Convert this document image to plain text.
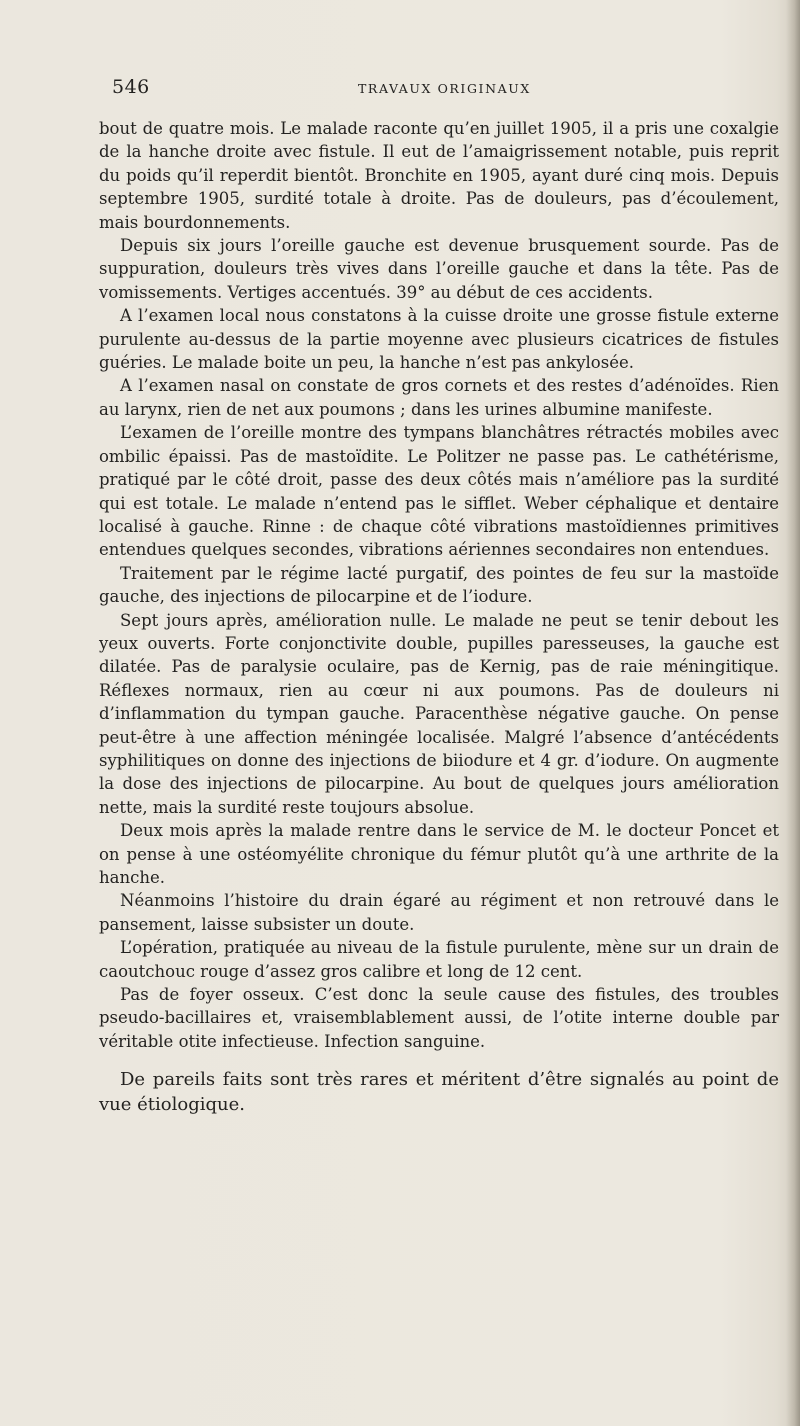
546	TRAVAUX ORIGINAUX

bout de quatre mois. Le malade raconte qu’en juillet 1905, il a pris une coxalgie de la hanche droite avec fistule. Il eut de l’amaigrissement notable, puis reprit du poids qu’il reperdit bientôt. Bronchite en 1905, ayant duré cinq mois. Depuis septembre 1905, surdité totale à droite. Pas de douleurs, pas d’écoulement, mais bourdonnements.

Depuis six jours l’oreille gauche est devenue brusquement sourde. Pas de suppuration, douleurs très vives dans l’oreille gauche et dans la tête. Pas de vomissements. Vertiges accentués. 39° au début de ces accidents.

A l’examen local nous constatons à la cuisse droite une grosse fistule externe purulente au-dessus de la partie moyenne avec plusieurs cicatrices de fistules guéries. Le malade boite un peu, la hanche n’est pas ankylosée.

A l’examen nasal on constate de gros cornets et des restes d’adénoïdes. Rien au larynx, rien de net aux poumons ; dans les urines albumine manifeste.

L’examen de l’oreille montre des tympans blanchâtres rétractés mobiles avec ombilic épaissi. Pas de mastoïdite. Le Politzer ne passe pas. Le cathétérisme, pratiqué par le côté droit, passe des deux côtés mais n’améliore pas la surdité qui est totale. Le malade n’entend pas le sifflet. Weber céphalique et dentaire localisé à gauche. Rinne : de chaque côté vibrations mastoïdiennes primitives entendues quelques secondes, vibrations aériennes secondaires non entendues.

Traitement par le régime lacté purgatif, des pointes de feu sur la mastoïde gauche, des injections de pilocarpine et de l’iodure.

Sept jours après, amélioration nulle. Le malade ne peut se tenir debout les yeux ouverts. Forte conjonctivite double, pupilles paresseuses, la gauche est dilatée. Pas de paralysie oculaire, pas de Kernig, pas de raie méningitique. Réflexes normaux, rien au cœur ni aux poumons. Pas de douleurs ni d’inflammation du tympan gauche. Paracenthèse négative gauche. On pense peut-être à une affection méningée localisée. Malgré l’absence d’antécédents syphilitiques on donne des injections de biiodure et 4 gr. d’iodure. On augmente la dose des injections de pilocarpine. Au bout de quelques jours amélioration nette, mais la surdité reste toujours absolue.

Deux mois après la malade rentre dans le service de M. le docteur Poncet et on pense à une ostéomyélite chronique du fémur plutôt qu’à une arthrite de la hanche.

Néanmoins l’histoire du drain égaré au régiment et non retrouvé dans le pansement, laisse subsister un doute.

L’opération, pratiquée au niveau de la fistule purulente, mène sur un drain de caoutchouc rouge d’assez gros calibre et long de 12 cent.

Pas de foyer osseux. C’est donc la seule cause des fistules, des troubles pseudo-bacillaires et, vraisemblablement aussi, de l’otite interne double par véritable otite infectieuse. Infection sanguine.

De pareils faits sont très rares et méritent d’être signalés au point de vue étiologique.
